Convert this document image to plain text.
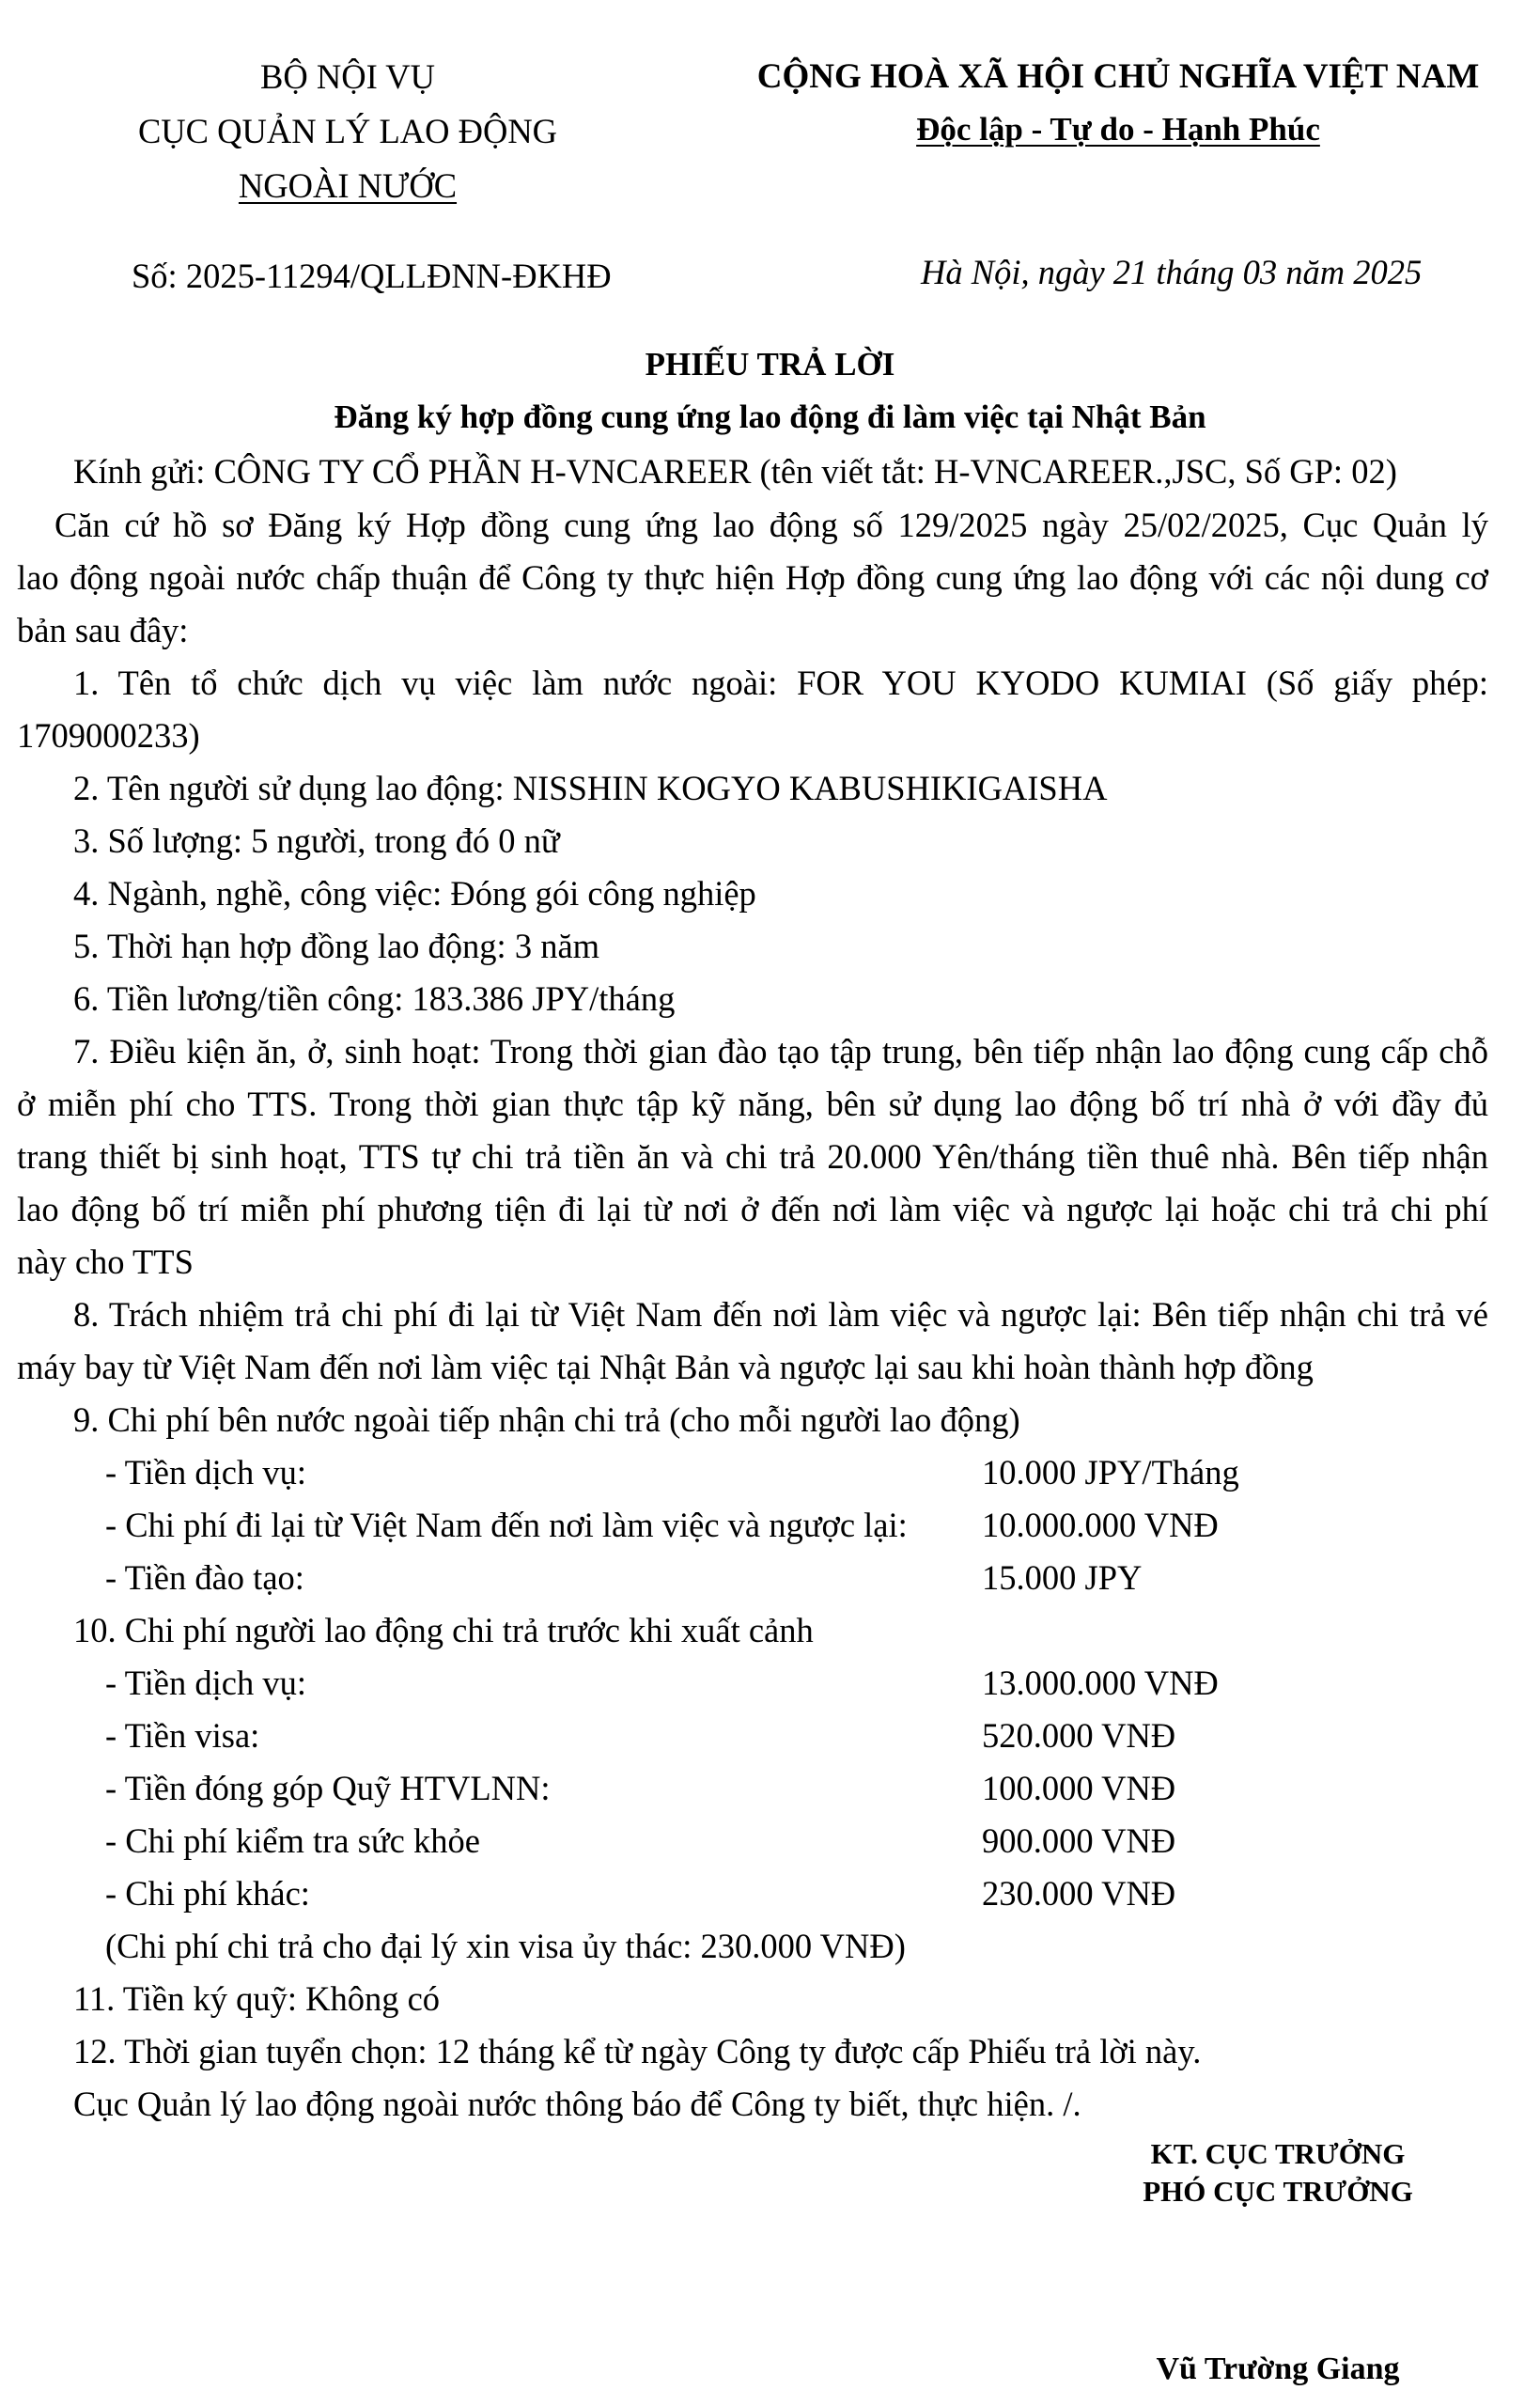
BỘ NỘI VỤ
CỤC QUẢN LÝ LAO ĐỘNG
NGOÀI NƯỚC
CỘNG HOÀ XÃ HỘI CHỦ NGHĨA VIỆT NAM
Độc lập - Tự do - Hạnh Phúc
Số: 2025-11294/QLLĐNN-ĐKHĐ	Hà Nội, ngày 21 tháng 03 năm 2025
PHIẾU TRẢ LỜI
Đăng ký hợp đồng cung ứng lao động đi làm việc tại Nhật Bản
Kính gửi: CÔNG TY CỔ PHẦN H-VNCAREER (tên viết tắt: H-VNCAREER.,JSC, Số GP: 02)
Căn cứ hồ sơ Đăng ký Hợp đồng cung ứng lao động số 129/2025 ngày 25/02/2025, Cục Quản lý
lao động ngoài nước chấp thuận để Công ty thực hiện Hợp đồng cung ứng lao động với các nội dung cơ
bản sau đây:
1. Tên tổ chức dịch vụ việc làm nước ngoài: FOR YOU KYODO KUMIAI (Số giấy phép:
1709000233)
2. Tên người sử dụng lao động: NISSHIN KOGYO KABUSHIKIGAISHA
3. Số lượng: 5 người, trong đó 0 nữ
4. Ngành, nghề, công việc: Đóng gói công nghiệp
5. Thời hạn hợp đồng lao động: 3 năm
6. Tiền lương/tiền công: 183.386 JPY/tháng
7. Điều kiện ăn, ở, sinh hoạt: Trong thời gian đào tạo tập trung, bên tiếp nhận lao động cung cấp chỗ
ở miễn phí cho TTS. Trong thời gian thực tập kỹ năng, bên sử dụng lao động bố trí nhà ở với đầy đủ
trang thiết bị sinh hoạt, TTS tự chi trả tiền ăn và chi trả 20.000 Yên/tháng tiền thuê nhà. Bên tiếp nhận
lao động bố trí miễn phí phương tiện đi lại từ nơi ở đến nơi làm việc và ngược lại hoặc chi trả chi phí
này cho TTS
8. Trách nhiệm trả chi phí đi lại từ Việt Nam đến nơi làm việc và ngược lại: Bên tiếp nhận chi trả vé
máy bay từ Việt Nam đến nơi làm việc tại Nhật Bản và ngược lại sau khi hoàn thành hợp đồng
9. Chi phí bên nước ngoài tiếp nhận chi trả (cho mỗi người lao động)
- Tiền dịch vụ:	10.000 JPY/Tháng
- Chi phí đi lại từ Việt Nam đến nơi làm việc và ngược lại: 10.000.000 VNĐ
- Tiền đào tạo:	15.000 JPY
10. Chi phí người lao động chi trả trước khi xuất cảnh
- Tiền dịch vụ:	13.000.000 VNĐ
- Tiền visa:	520.000 VNĐ
- Tiền đóng góp Quỹ HTVLNN:	100.000 VNĐ
- Chi phí kiểm tra sức khỏe	900.000 VNĐ
- Chi phí khác:	230.000 VNĐ
(Chi phí chi trả cho đại lý xin visa ủy thác: 230.000 VNĐ)
11. Tiền ký quỹ: Không có
12. Thời gian tuyển chọn: 12 tháng kể từ ngày Công ty được cấp Phiếu trả lời này.
Cục Quản lý lao động ngoài nước thông báo để Công ty biết, thực hiện. /.
KT. CỤC TRƯỞNG
PHÓ CỤC TRƯỞNG
Vũ Trường Giang
